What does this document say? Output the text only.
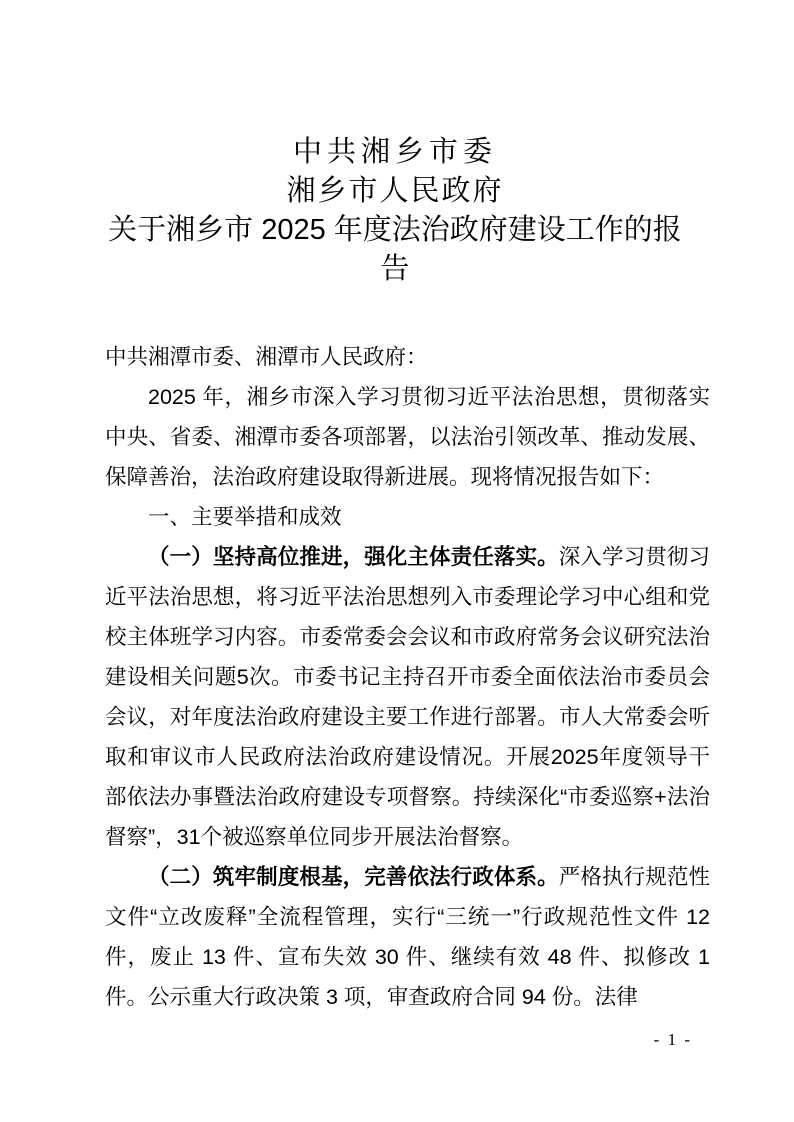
中共湘乡市委
湘乡市人民政府
关于湘乡市 2025 年度法治政府建设工作的报告

中共湘潭市委、湘潭市人民政府：

2025 年，湘乡市深入学习贯彻习近平法治思想，贯彻落实中央、省委、湘潭市委各项部署，以法治引领改革、推动发展、保障善治，法治政府建设取得新进展。现将情况报告如下：

一、主要举措和成效

（一）坚持高位推进，强化主体责任落实。深入学习贯彻习近平法治思想，将习近平法治思想列入市委理论学习中心组和党校主体班学习内容。市委常委会会议和市政府常务会议研究法治建设相关问题5次。市委书记主持召开市委全面依法治市委员会会议，对年度法治政府建设主要工作进行部署。市人大常委会听取和审议市人民政府法治政府建设情况。开展2025年度领导干部依法办事暨法治政府建设专项督察。持续深化“市委巡察+法治督察”，31个被巡察单位同步开展法治督察。

（二）筑牢制度根基，完善依法行政体系。严格执行规范性文件“立改废释”全流程管理，实行“三统一”行政规范性文件 12 件，废止 13 件、宣布失效 30 件、继续有效 48 件、拟修改 1 件。公示重大行政决策 3 项，审查政府合同 94 份。法律

- 1 -
